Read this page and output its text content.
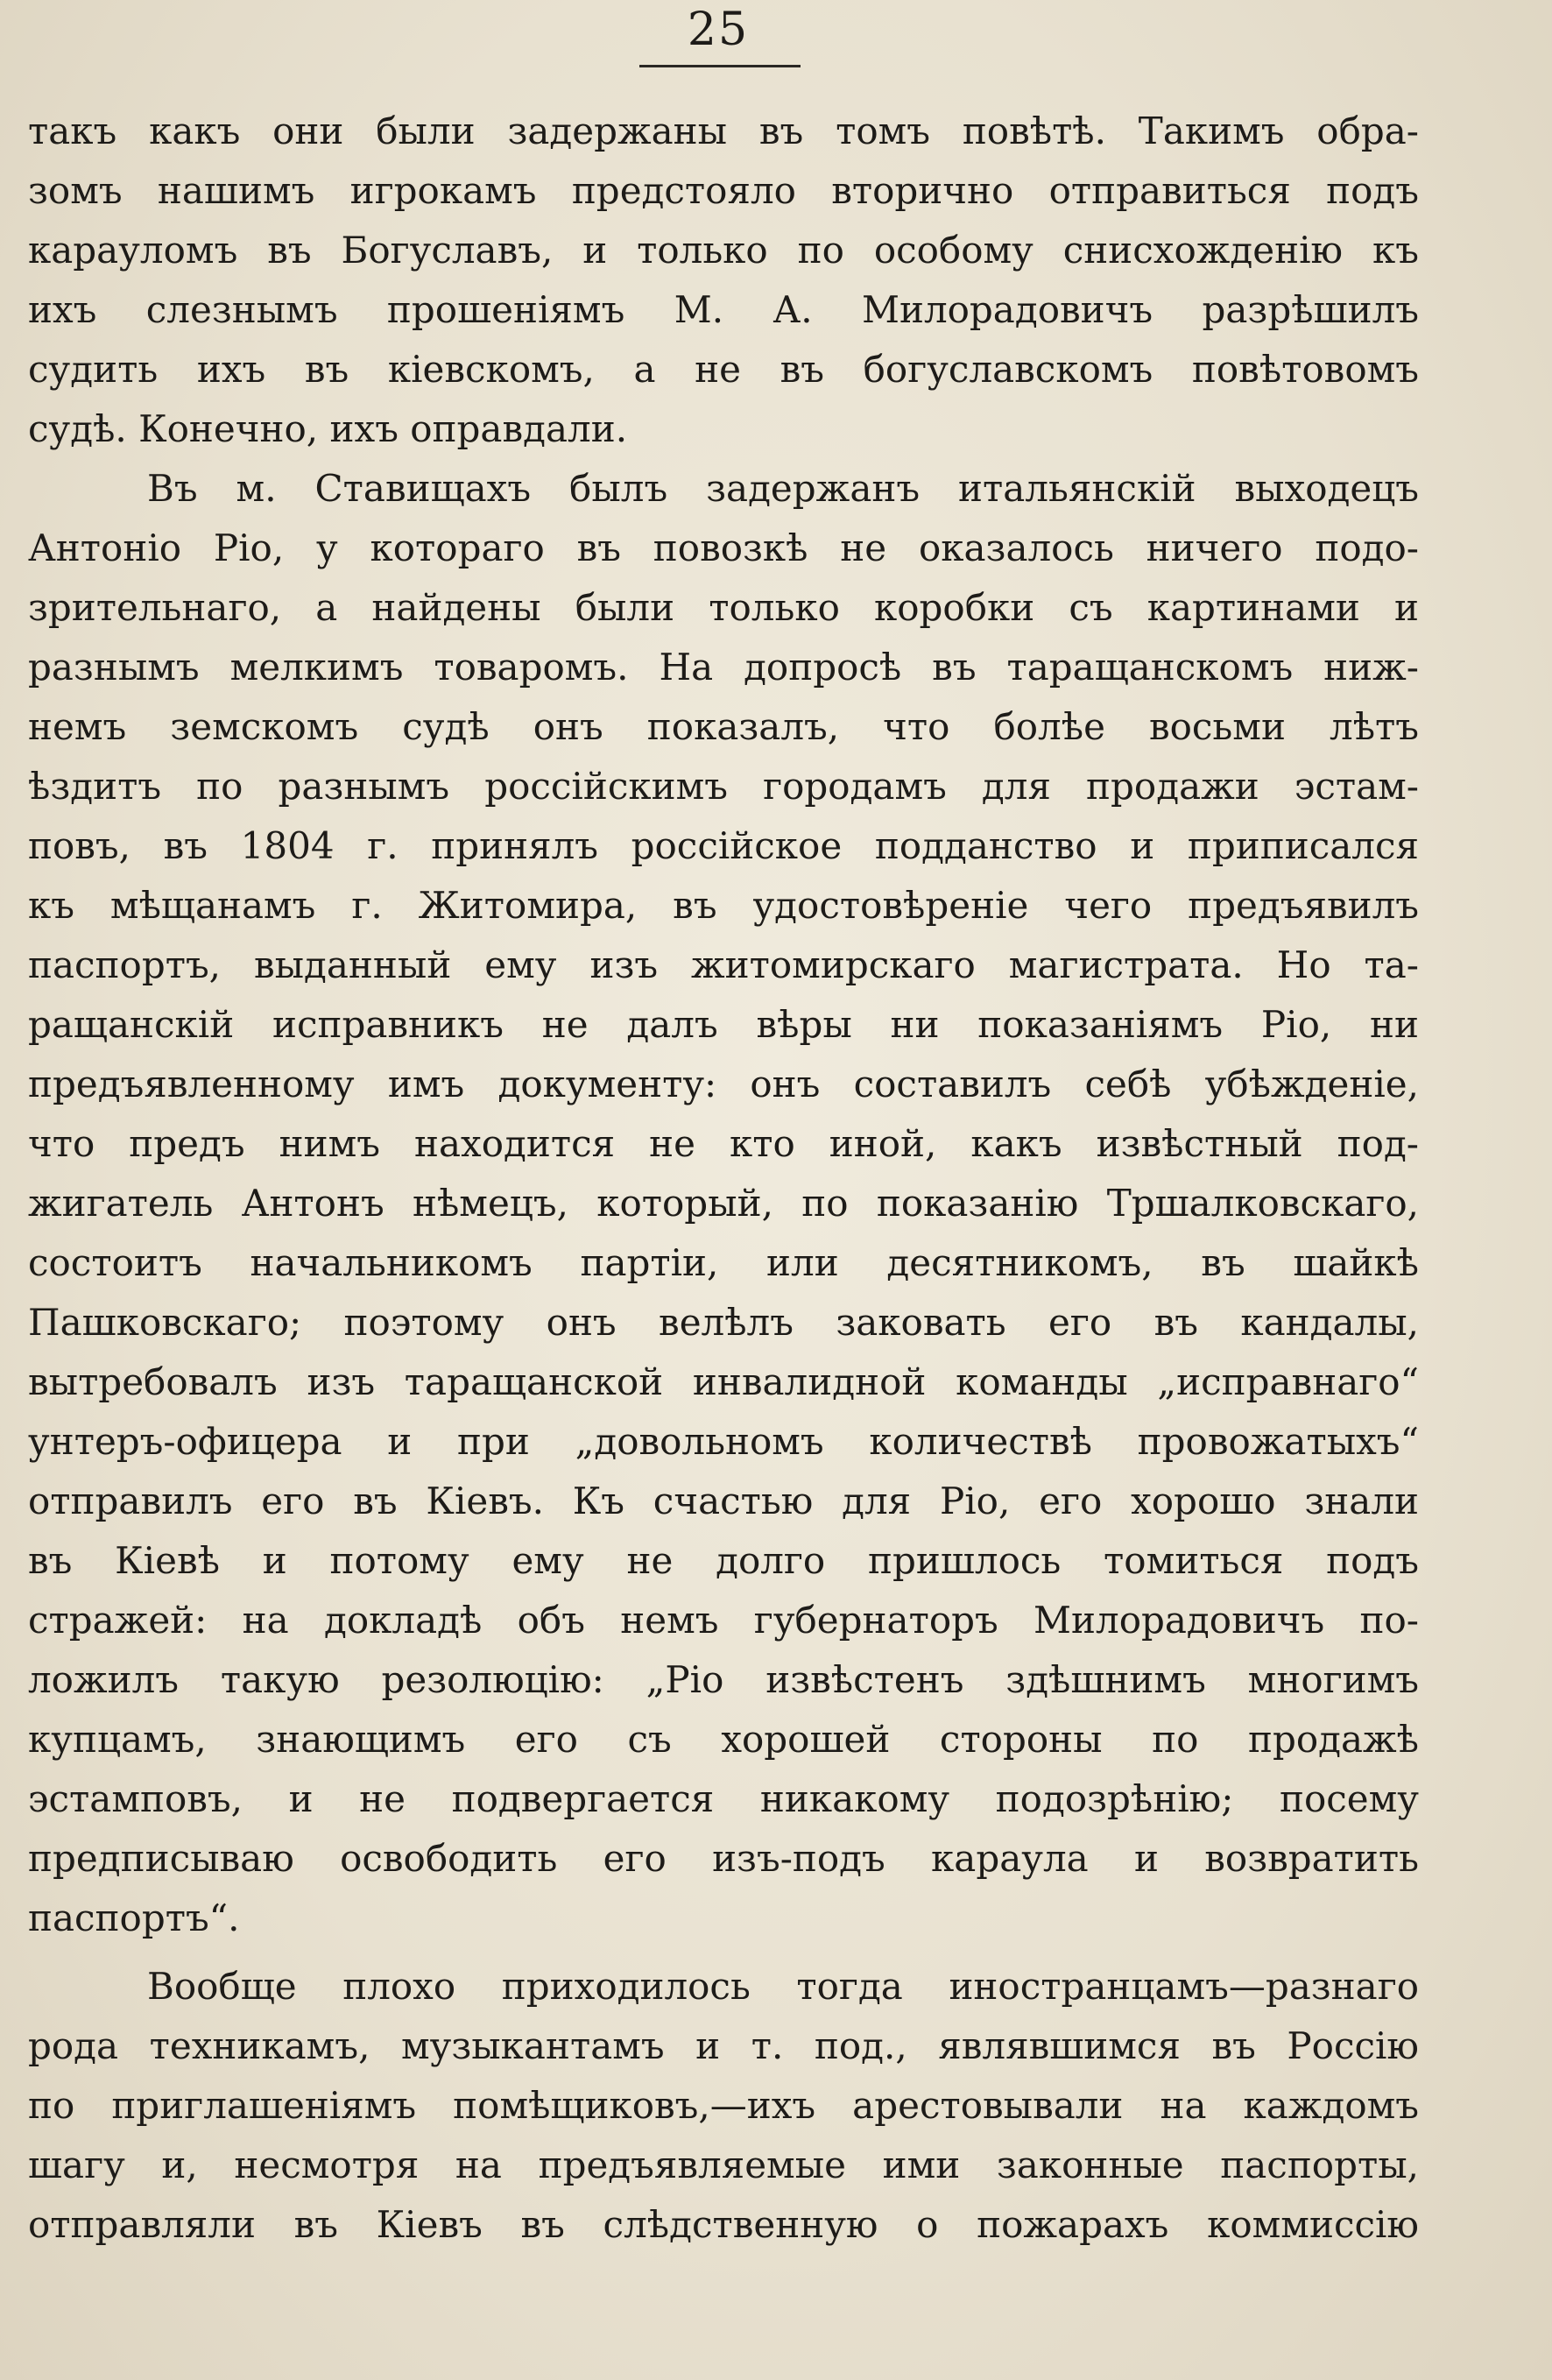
25
такъ какъ они были задержаны въ томъ повѣтѣ. Такимъ обра-
зомъ нашимъ игрокамъ предстояло вторично отправиться подъ
карауломъ въ Богуславъ, и только по особому снисхожденію къ
ихъ слезнымъ прошеніямъ М. А. Милорадовичъ разрѣшилъ
судить ихъ въ кіевскомъ, а не въ богуславскомъ повѣтовомъ
судѣ. Конечно, ихъ оправдали.
Въ м. Ставищахъ былъ задержанъ итальянскій выходецъ
Антоніо Ріо, у котораго въ повозкѣ не оказалось ничего подо-
зрительнаго, а найдены были только коробки съ картинами и
разнымъ мелкимъ товаромъ. На допросѣ въ таращанскомъ ниж-
немъ земскомъ судѣ онъ показалъ, что болѣе восьми лѣтъ
ѣздитъ по разнымъ россійскимъ городамъ для продажи эстам-
повъ, въ 1804 г. принялъ россійское подданство и приписался
къ мѣщанамъ г. Житомира, въ удостовѣреніе чего предъявилъ
паспортъ, выданный ему изъ житомирскаго магистрата. Но та-
ращанскій исправникъ не далъ вѣры ни показаніямъ Ріо, ни
предъявленному имъ документу: онъ составилъ себѣ убѣжденіе,
что предъ нимъ находится не кто иной, какъ извѣстный под-
жигатель Антонъ нѣмецъ, который, по показанію Тршалковскаго,
состоитъ начальникомъ партіи, или десятникомъ, въ шайкѣ
Пашковскаго; поэтому онъ велѣлъ заковать его въ кандалы,
вытребовалъ изъ таращанской инвалидной команды „исправнаго“
унтеръ-офицера и при „довольномъ количествѣ провожатыхъ“
отправилъ его въ Кіевъ. Къ счастью для Ріо, его хорошо знали
въ Кіевѣ и потому ему не долго пришлось томиться подъ
стражей: на докладѣ объ немъ губернаторъ Милорадовичъ по-
ложилъ такую резолюцію: „Ріо извѣстенъ здѣшнимъ многимъ
купцамъ, знающимъ его съ хорошей стороны по продажѣ
эстамповъ, и не подвергается никакому подозрѣнію; посему
предписываю освободить его изъ-подъ караула и возвратить
паспортъ“.
Вообще плохо приходилось тогда иностранцамъ—разнаго
рода техникамъ, музыкантамъ и т. под., являвшимся въ Россію
по приглашеніямъ помѣщиковъ,—ихъ арестовывали на каждомъ
шагу и, несмотря на предъявляемые ими законные паспорты,
отправляли въ Кіевъ въ слѣдственную о пожарахъ коммиссію
